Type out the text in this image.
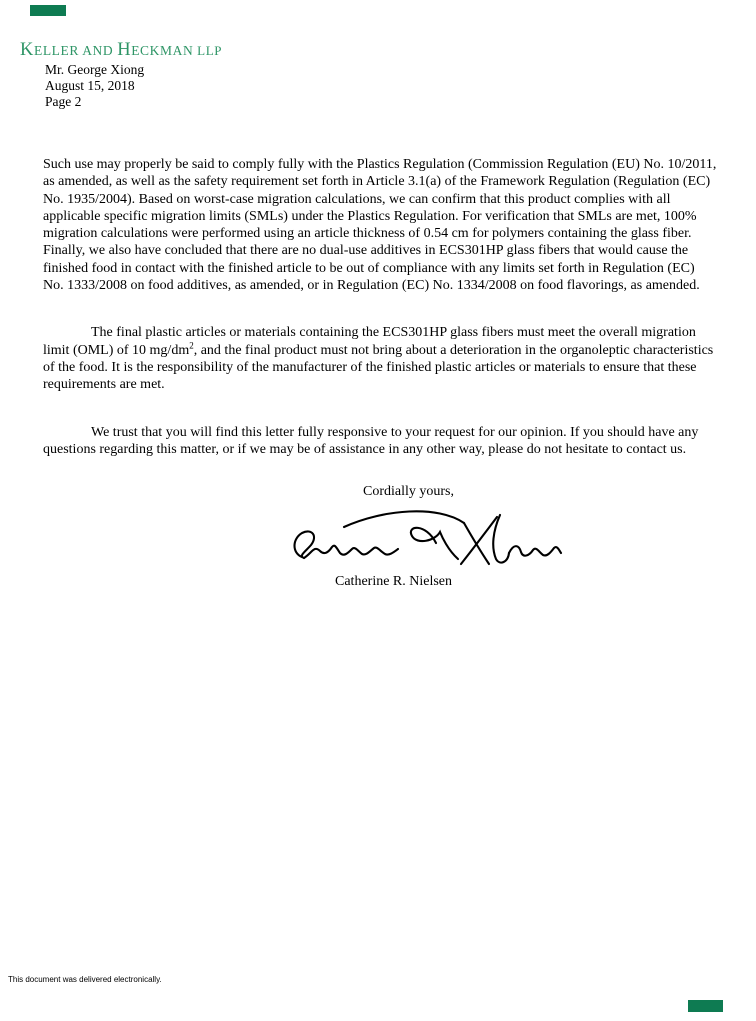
KELLER AND HECKMAN LLP
Mr. George Xiong
August 15, 2018
Page 2

Such use may properly be said to comply fully with the Plastics Regulation (Commission Regulation (EU) No. 10/2011, as amended, as well as the safety requirement set forth in Article 3.1(a) of the Framework Regulation (Regulation (EC) No. 1935/2004). Based on worst-case migration calculations, we can confirm that this product complies with all applicable specific migration limits (SMLs) under the Plastics Regulation. For verification that SMLs are met, 100% migration calculations were performed using an article thickness of 0.54 cm for polymers containing the glass fiber. Finally, we also have concluded that there are no dual-use additives in ECS301HP glass fibers that would cause the finished food in contact with the finished article to be out of compliance with any limits set forth in Regulation (EC) No. 1333/2008 on food additives, as amended, or in Regulation (EC) No. 1334/2008 on food flavorings, as amended.

The final plastic articles or materials containing the ECS301HP glass fibers must meet the overall migration limit (OML) of 10 $mg/dm^2$, and the final product must not bring about a deterioration in the organoleptic characteristics of the food. It is the responsibility of the manufacturer of the finished plastic articles or materials to ensure that these requirements are met.

We trust that you will find this letter fully responsive to your request for our opinion. If you should have any questions regarding this matter, or if we may be of assistance in any other way, please do not hesitate to contact us.

Cordially yours,
Catherine R. Nielsen
This document was delivered electronically.
